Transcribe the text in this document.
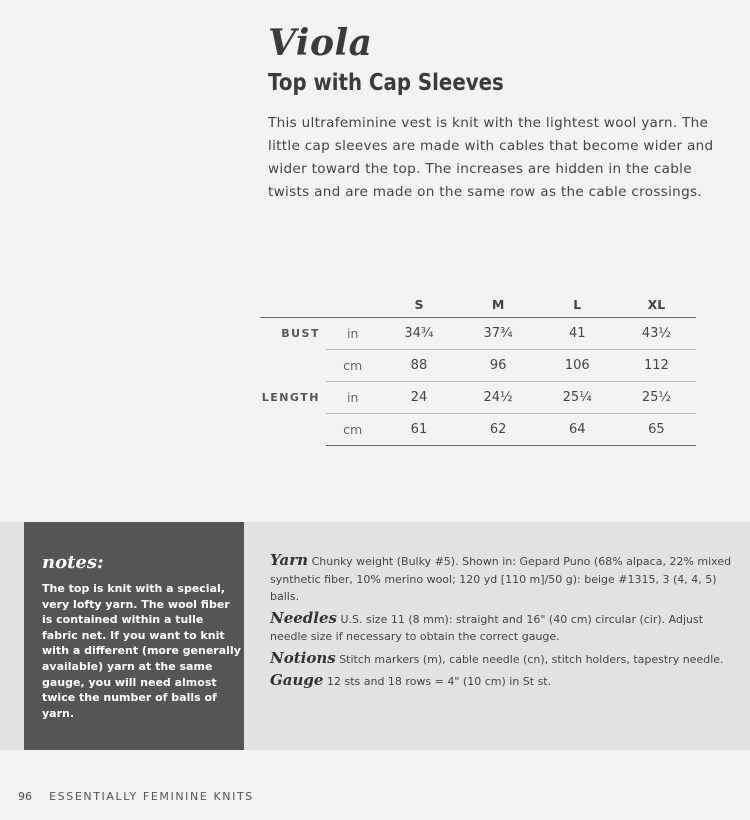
Viola
Top with Cap Sleeves

This ultrafeminine vest is knit with the lightest wool yarn. The little cap sleeves are made with cables that become wider and wider toward the top. The increases are hidden in the cable twists and are made on the same row as the cable crossings.

		S	M	L	XL
BUST	in	34¾	37¾	41	43½
	cm	88	96	106	112
LENGTH	in	24	24½	25¼	25½
	cm	61	62	64	65
notes:

The top is knit with a special, very lofty yarn. The wool fiber is contained within a tulle fabric net. If you want to knit with a different (more generally available) yarn at the same gauge, you will need almost twice the number of balls of yarn.

Yarn Chunky weight (Bulky #5). Shown in: Gepard Puno (68% alpaca, 22% mixed synthetic fiber, 10% merino wool; 120 yd [110 m]/50 g): beige #1315, 3 (4, 4, 5) balls.

Needles U.S. size 11 (8 mm): straight and 16" (40 cm) circular (cir). Adjust needle size if necessary to obtain the correct gauge.

Notions Stitch markers (m), cable needle (cn), stitch holders, tapestry needle.

Gauge 12 sts and 18 rows = 4" (10 cm) in St st.

96 ESSENTIALLY FEMININE KNITS
